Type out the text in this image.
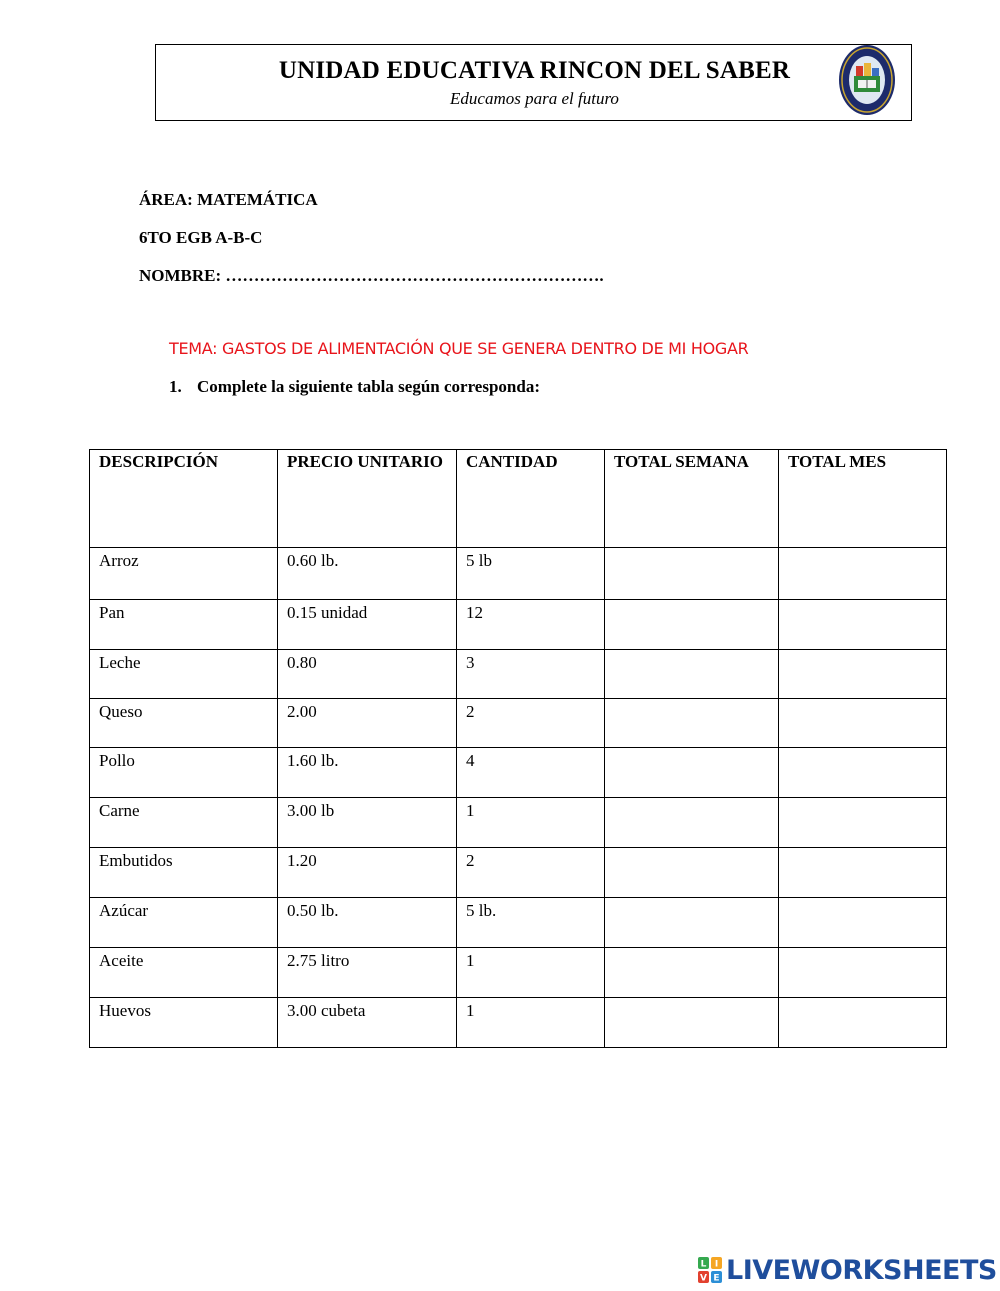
UNIDAD EDUCATIVA RINCON DEL SABER
Educamos para el futuro
ÁREA: MATEMÁTICA
6TO EGB A-B-C
NOMBRE: ………………………………………………………….
TEMA: GASTOS DE ALIMENTACIÓN QUE SE GENERA DENTRO DE MI HOGAR
1. Complete la siguiente tabla según corresponda:
DESCRIPCIÓN	PRECIO UNITARIO	CANTIDAD	TOTAL SEMANA	TOTAL MES
Arroz	0.60 lb.	5 lb		
Pan	0.15 unidad	12		
Leche	0.80	3		
Queso	2.00	2		
Pollo	1.60 lb.	4		
Carne	3.00 lb	1		
Embutidos	1.20	2		
Azúcar	0.50 lb.	5 lb.		
Aceite	2.75 litro	1		
Huevos	3.00 cubeta	1		
L I
V E LIVEWORKSHEETS
